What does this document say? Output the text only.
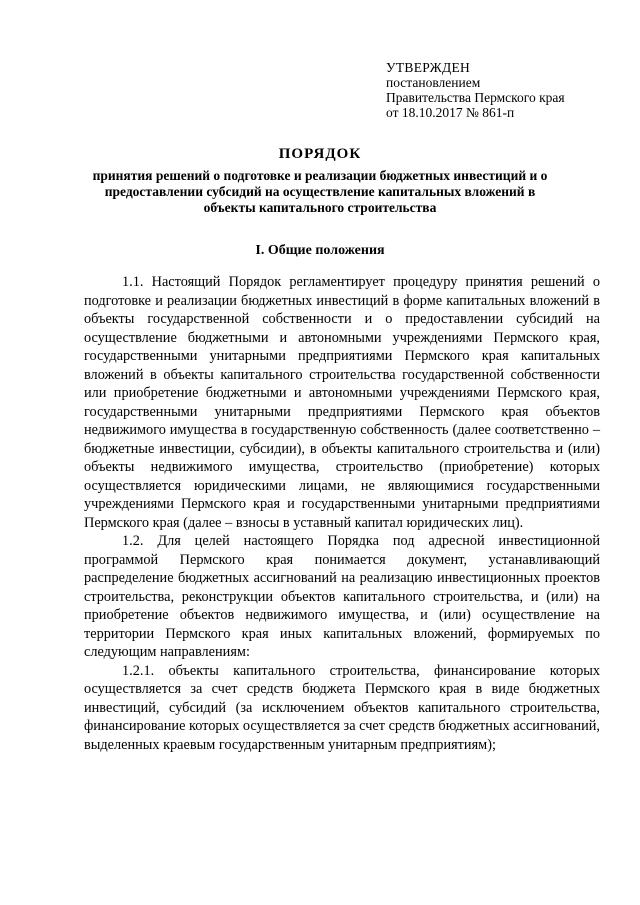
УТВЕРЖДЕН
постановлением
Правительства Пермского края
от 18.10.2017 № 861-п
ПОРЯДОК
принятия решений о подготовке и реализации бюджетных инвестиций и о предоставлении субсидий на осуществление капитальных вложений в объекты капитального строительства
I. Общие положения

1.1. Настоящий Порядок регламентирует процедуру принятия решений о подготовке и реализации бюджетных инвестиций в форме капитальных вложений в объекты государственной собственности и о предоставлении субсидий на осуществление бюджетными и автономными учреждениями Пермского края, государственными унитарными предприятиями Пермского края капитальных вложений в объекты капитального строительства государственной собственности или приобретение бюджетными и автономными учреждениями Пермского края, государственными унитарными предприятиями Пермского края объектов недвижимого имущества в государственную собственность (далее соответственно – бюджетные инвестиции, субсидии), в объекты капитального строительства и (или) объекты недвижимого имущества, строительство (приобретение) которых осуществляется юридическими лицами, не являющимися государственными учреждениями Пермского края и государственными унитарными предприятиями Пермского края (далее – взносы в уставный капитал юридических лиц).

1.2. Для целей настоящего Порядка под адресной инвестиционной программой Пермского края понимается документ, устанавливающий распределение бюджетных ассигнований на реализацию инвестиционных проектов строительства, реконструкции объектов капитального строительства, и (или) на приобретение объектов недвижимого имущества, и (или) осуществление на территории Пермского края иных капитальных вложений, формируемых по следующим направлениям:

1.2.1. объекты капитального строительства, финансирование которых осуществляется за счет средств бюджета Пермского края в виде бюджетных инвестиций, субсидий (за исключением объектов капитального строительства, финансирование которых осуществляется за счет средств бюджетных ассигнований, выделенных краевым государственным унитарным предприятиям);
